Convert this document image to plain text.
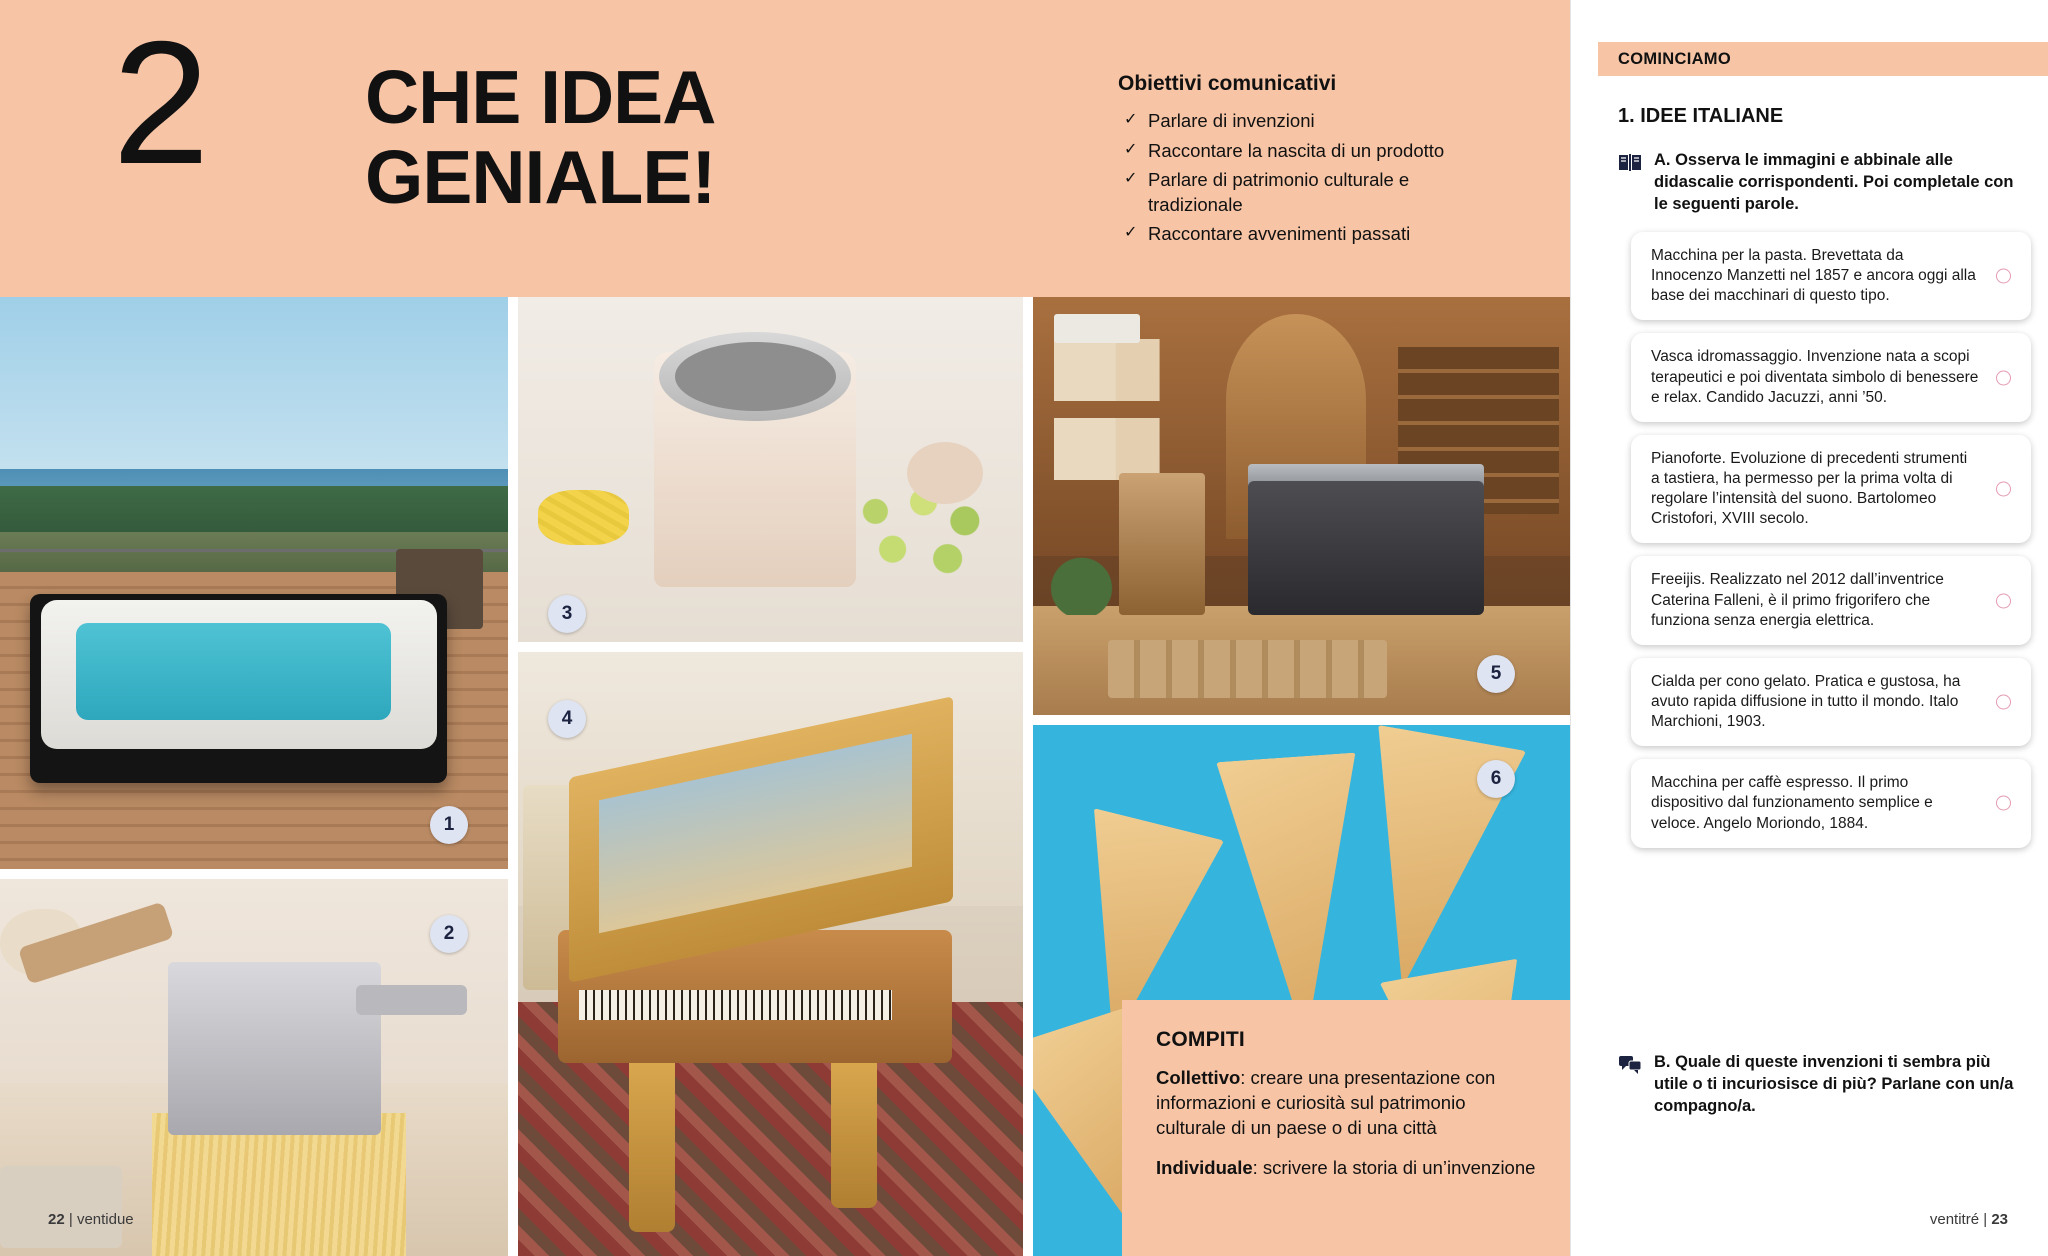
2 CHE IDEA GENIALE!
Obiettivi comunicativi
✓ Parlare di invenzioni
✓ Raccontare la nascita di un prodotto
✓ Parlare di patrimonio culturale e tradizionale
✓ Raccontare avvenimenti passati
1
2
3
4
5
6
COMPITI

Collettivo: creare una presentazione con informazioni e curiosità sul patrimonio culturale di un paese o di una città

Individuale: scrivere la storia di un’invenzione

22 | ventidue
COMINCIAMO
1. IDEE ITALIANE
A. Osserva le immagini e abbinale alle didascalie corrispondenti. Poi completale con le seguenti parole.

Macchina per la pasta. Brevettata da Innocenzo Manzetti nel 1857 e ancora oggi alla base dei macchinari di questo tipo.

Vasca idromassaggio. Invenzione nata a scopi terapeutici e poi diventata simbolo di benessere e relax. Candido Jacuzzi, anni ’50.

Pianoforte. Evoluzione di precedenti strumenti a tastiera, ha permesso per la prima volta di regolare l’intensità del suono. Bartolomeo Cristofori, XVIII secolo.

Freeijis. Realizzato nel 2012 dall’inventrice Caterina Falleni, è il primo frigorifero che funziona senza energia elettrica.

Cialda per cono gelato. Pratica e gustosa, ha avuto rapida diffusione in tutto il mondo. Italo Marchioni, 1903.

Macchina per caffè espresso. Il primo dispositivo dal funzionamento semplice e veloce. Angelo Moriondo, 1884.

B. Quale di queste invenzioni ti sembra più utile o ti incuriosisce di più? Parlane con un/a compagno/a.
ventitré | 23
